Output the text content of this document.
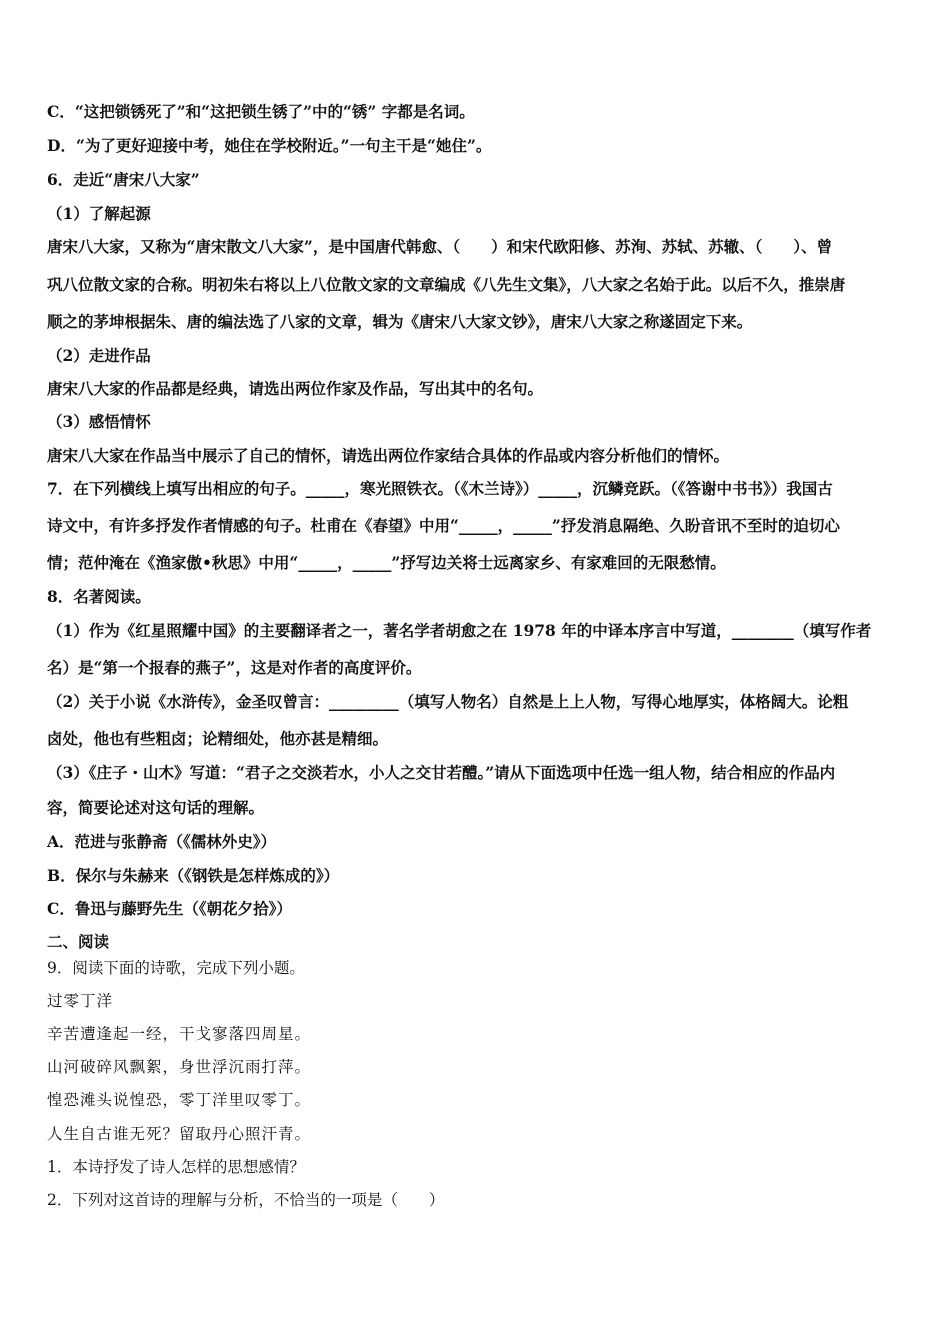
C．“这把锁锈死了”和“这把锁生锈了”中的“锈” 字都是名词。
D．“为了更好迎接中考，她住在学校附近。”一句主干是“她住”。
6．走近“唐宋八大家”
（1）了解起源
唐宋八大家，又称为“唐宋散文八大家”，是中国唐代韩愈、（　　）和宋代欧阳修、苏洵、苏轼、苏辙、（　　）、曾
巩八位散文家的合称。明初朱右将以上八位散文家的文章编成《八先生文集》，八大家之名始于此。以后不久，推崇唐
顺之的茅坤根据朱、唐的编法选了八家的文章，辑为《唐宋八大家文钞》，唐宋八大家之称遂固定下来。
（2）走进作品
唐宋八大家的作品都是经典，请选出两位作家及作品，写出其中的名句。
（3）感悟情怀
唐宋八大家在作品当中展示了自己的情怀，请选出两位作家结合具体的作品或内容分析他们的情怀。
7．在下列横线上填写出相应的句子。_____，寒光照铁衣。（《木兰诗》）_____，沉鳞竞跃。（《答谢中书书》）我国古
诗文中，有许多抒发作者情感的句子。杜甫在《春望》中用“_____，_____”抒发消息隔绝、久盼音讯不至时的迫切心
情；范仲淹在《渔家傲•秋思》中用“_____，_____”抒写边关将士远离家乡、有家难回的无限愁情。
8．名著阅读。
（1）作为《红星照耀中国》的主要翻译者之一，著名学者胡愈之在 1978 年的中译本序言中写道，________（填写作者
名）是“第一个报春的燕子”，这是对作者的高度评价。
（2）关于小说《水浒传》，金圣叹曾言：_________（填写人物名）自然是上上人物，写得心地厚实，体格阔大。论粗
卤处，他也有些粗卤；论精细处，他亦甚是精细。
（3）《庄子・山木》写道：“君子之交淡若水，小人之交甘若醴。”请从下面选项中任选一组人物，结合相应的作品内
容，简要论述对这句话的理解。
A．范进与张静斋（《儒林外史》）
B．保尔与朱赫来（《钢铁是怎样炼成的》）
C．鲁迅与藤野先生（《朝花夕拾》）
二、阅读
9．阅读下面的诗歌，完成下列小题。
过零丁洋
辛苦遭逢起一经，干戈寥落四周星。
山河破碎风飘絮，身世浮沉雨打萍。
惶恐滩头说惶恐，零丁洋里叹零丁。
人生自古谁无死？留取丹心照汗青。
1．本诗抒发了诗人怎样的思想感情？
2．下列对这首诗的理解与分析，不恰当的一项是（　　）
